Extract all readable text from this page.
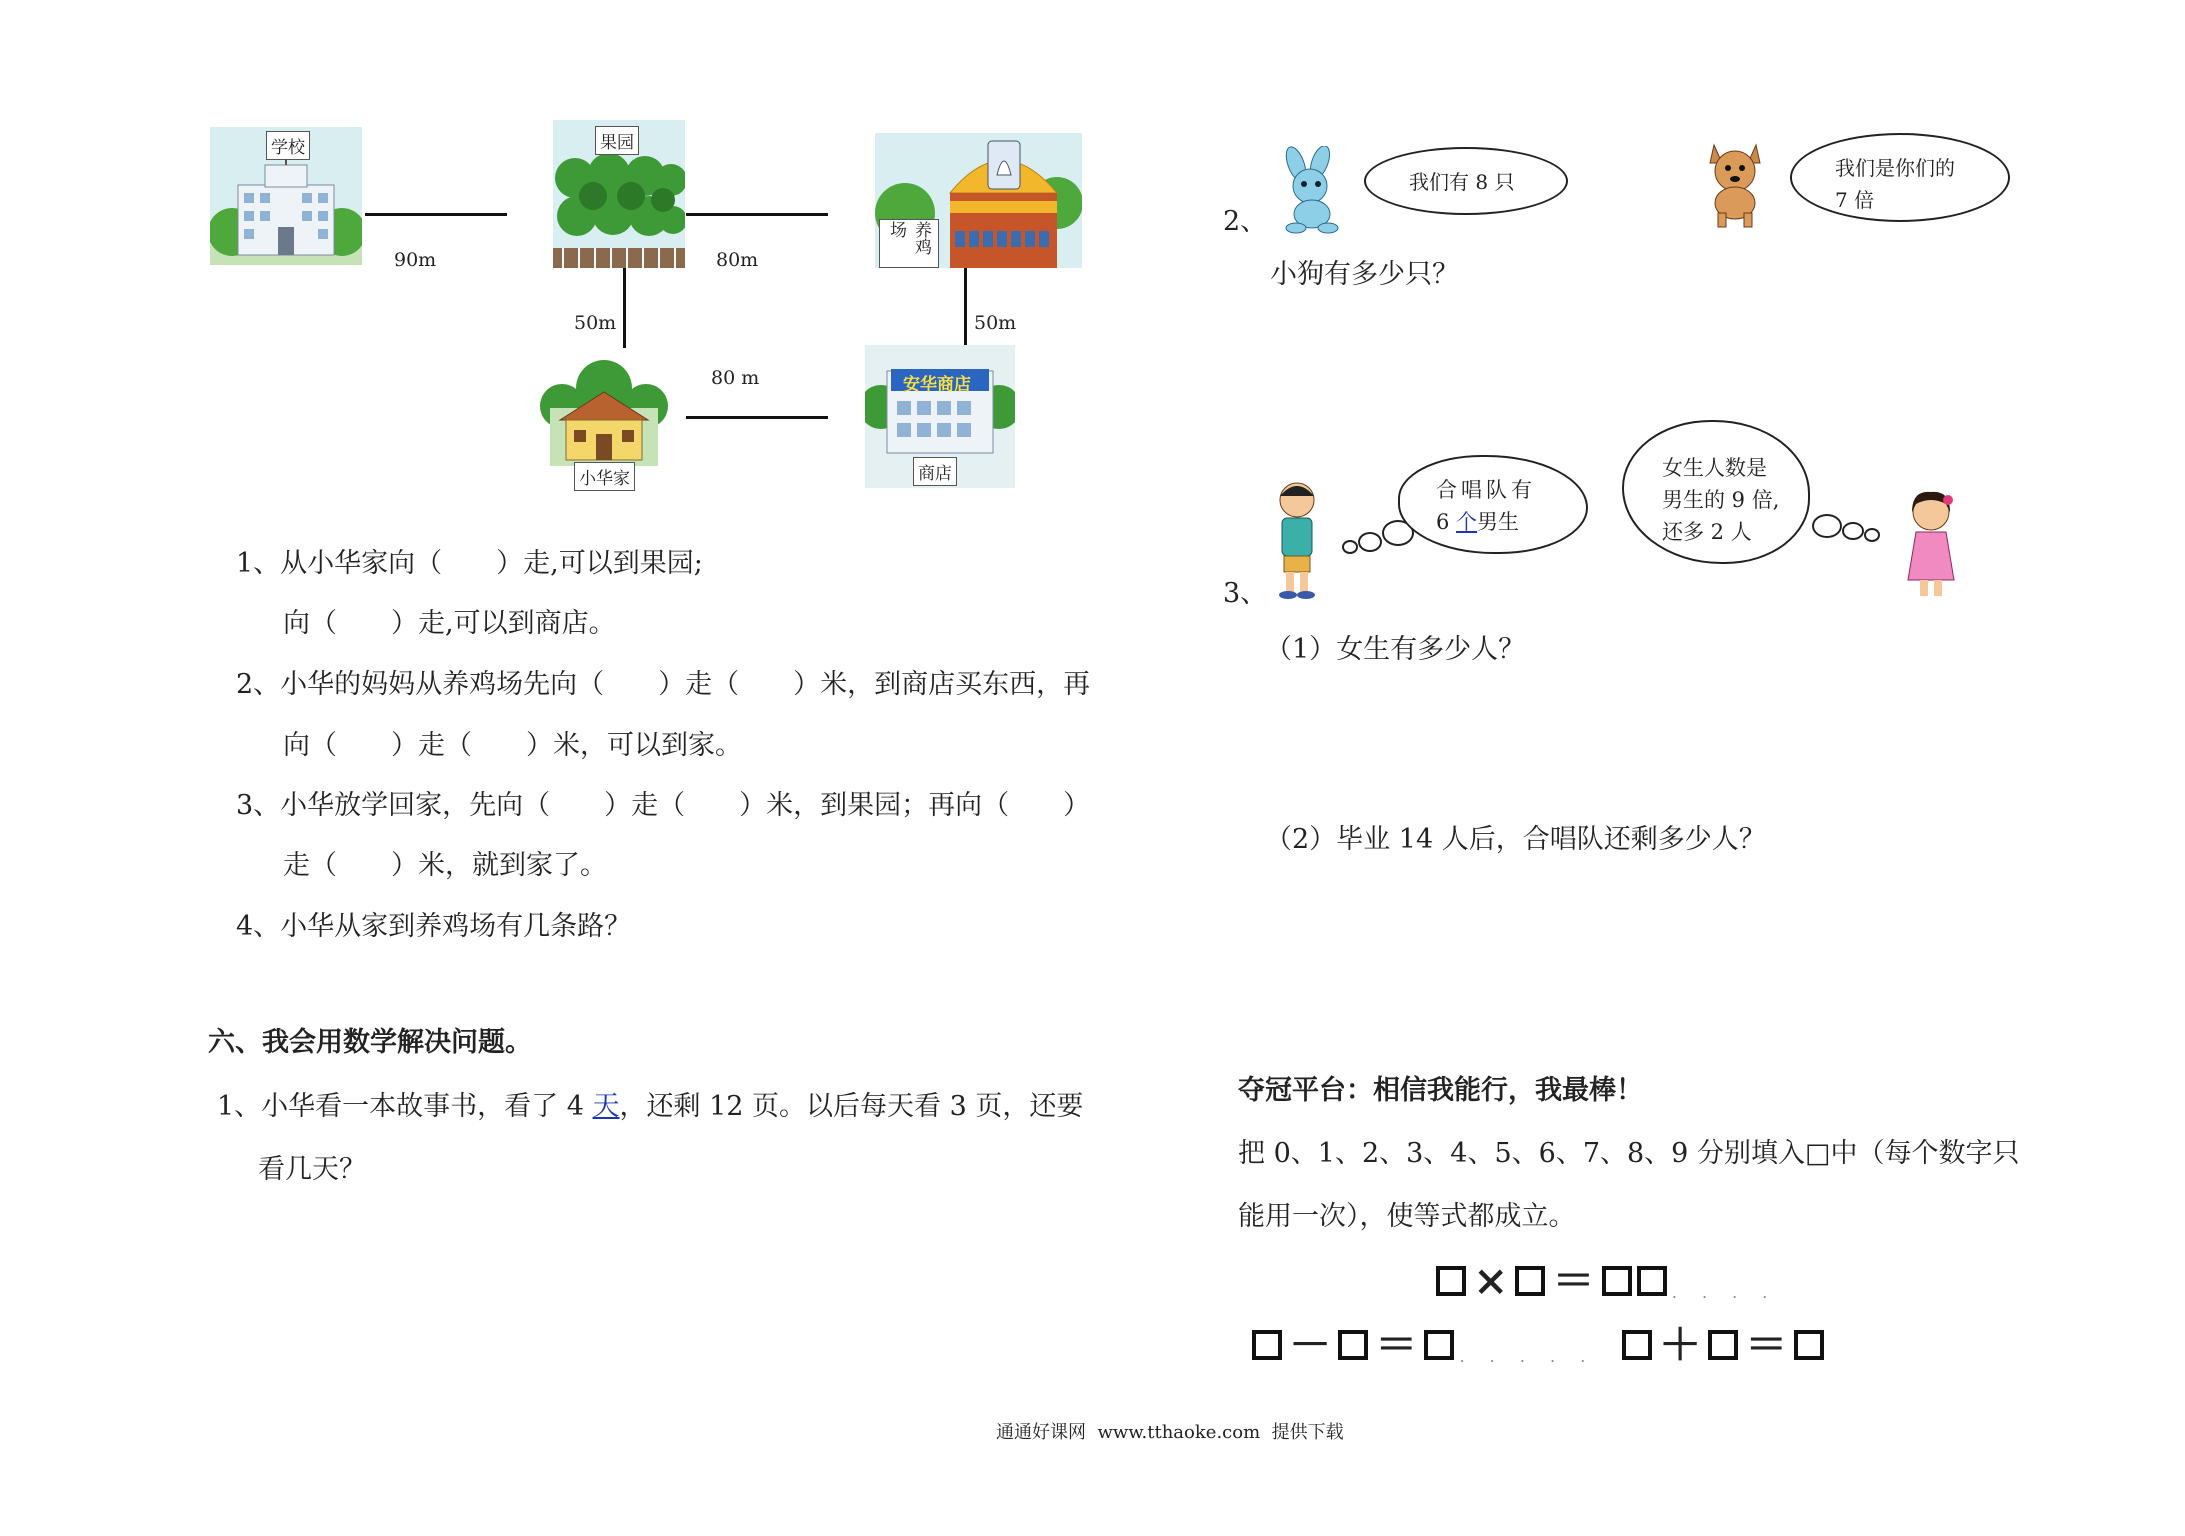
学校	果园
养鸡场
小华家
安华商店
商店
90m	80m
50m	50m
80 m
1、从小华家向（　　）走,可以到果园;
向（　　）走,可以到商店。
2、小华的妈妈从养鸡场先向（　　）走（　　）米，到商店买东西，再
向（　　）走（　　）米，可以到家。
3、小华放学回家，先向（　　）走（　　）米，到果园；再向（　　）
走（　　）米，就到家了。
4、小华从家到养鸡场有几条路？
六、我会用数学解决问题。
1、小华看一本故事书，看了 4 天，还剩 12 页。以后每天看 3 页，还要
看几天？
2、
我们有 8 只
我们是你们的
7 倍
小狗有多少只？
3、
合唱队有
6 个男生
女生人数是
男生的 9 倍,
还多 2 人
（1）女生有多少人？
（2）毕业 14 人后，合唱队还剩多少人？
夺冠平台：相信我能行，我最棒！
把 0、1、2、3、4、5、6、7、8、9 分别填入□中（每个数字只
能用一次），使等式都成立。
× ＝	. . . .
－ ＝	. . . . .	＋ ＝
通通好课网  www.tthaoke.com  提供下载
